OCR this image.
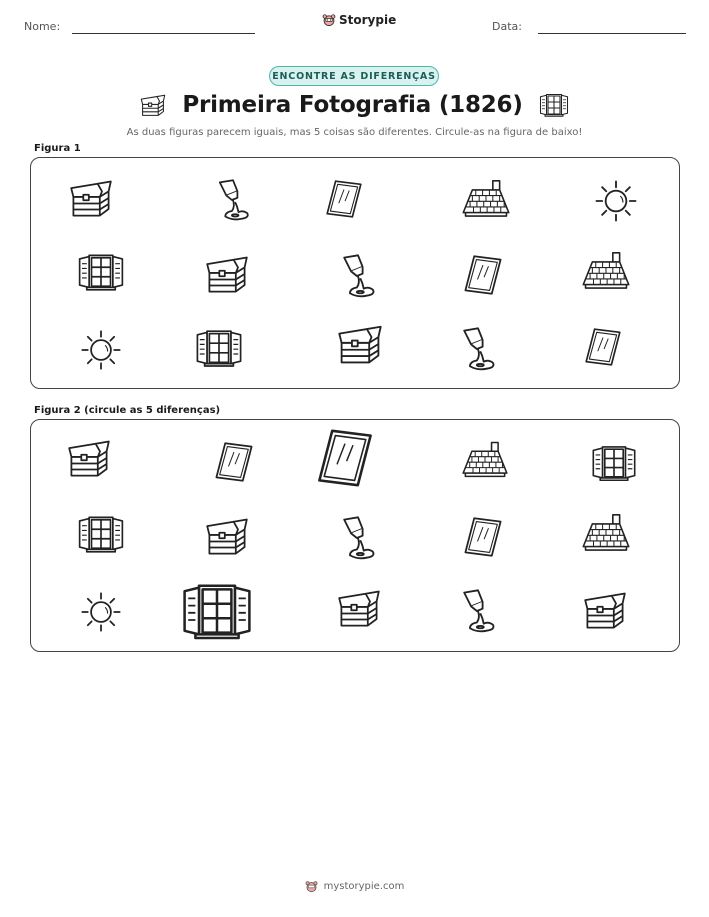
Nome:	Storypie	Data:
ENCONTRE AS DIFERENÇAS
Primeira Fotografia (1826)
As duas figuras parecem iguais, mas 5 coisas são diferentes. Circule-as na figura de baixo!
Figura 1
Figura 2 (circule as 5 diferenças)
mystorypie.com
